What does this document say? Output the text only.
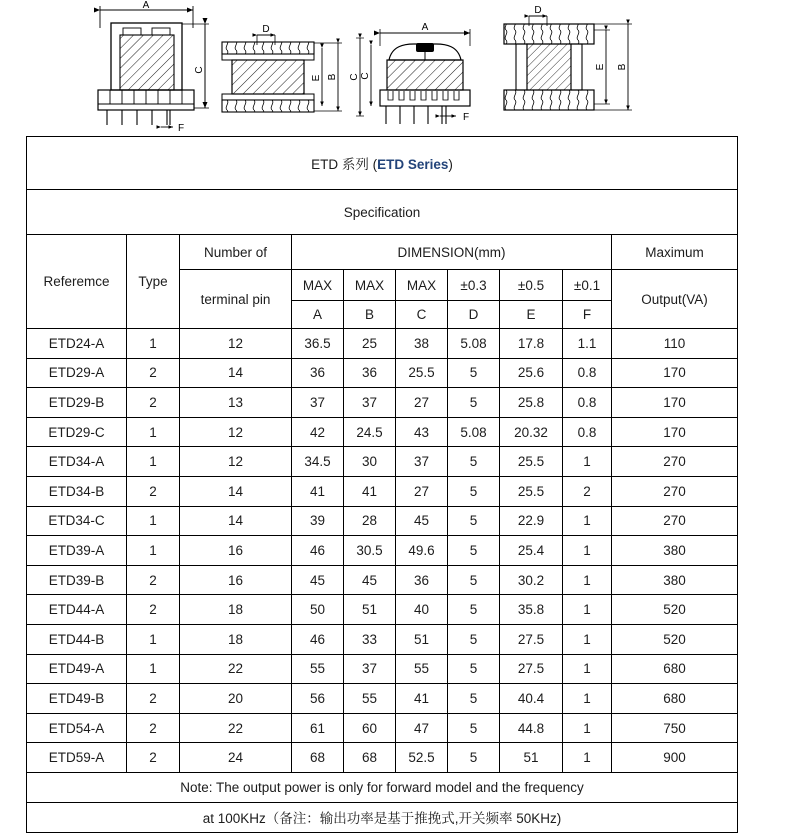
A
C
F
D
E B C
A
C
F
D
E B
ETD 系列 (ETD Series)									
Specification									
Referemce	Type	Number of	DIMENSION(mm)						Maximum
		terminal pin	MAX	MAX	MAX	±0.3	±0.5	±0.1	Output(VA)
			A	B	C	D	E	F	
ETD24-A	1	12	36.5	25	38	5.08	17.8	1.1	110
ETD29-A	2	14	36	36	25.5	5	25.6	0.8	170
ETD29-B	2	13	37	37	27	5	25.8	0.8	170
ETD29-C	1	12	42	24.5	43	5.08	20.32	0.8	170
ETD34-A	1	12	34.5	30	37	5	25.5	1	270
ETD34-B	2	14	41	41	27	5	25.5	2	270
ETD34-C	1	14	39	28	45	5	22.9	1	270
ETD39-A	1	16	46	30.5	49.6	5	25.4	1	380
ETD39-B	2	16	45	45	36	5	30.2	1	380
ETD44-A	2	18	50	51	40	5	35.8	1	520
ETD44-B	1	18	46	33	51	5	27.5	1	520
ETD49-A	1	22	55	37	55	5	27.5	1	680
ETD49-B	2	20	56	55	41	5	40.4	1	680
ETD54-A	2	22	61	60	47	5	44.8	1	750
ETD59-A	2	24	68	68	52.5	5	51	1	900
Note: The output power is only for forward model and the frequency									
at 100KHz（备注：输出功率是基于推挽式,开关频率 50KHz)									
